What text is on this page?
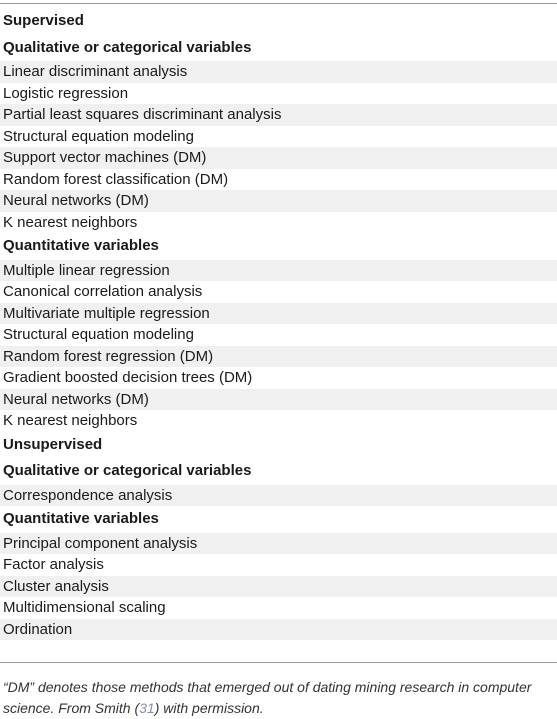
Supervised
Qualitative or categorical variables
Linear discriminant analysis
Logistic regression
Partial least squares discriminant analysis
Structural equation modeling
Support vector machines (DM)
Random forest classification (DM)
Neural networks (DM)
K nearest neighbors
Quantitative variables
Multiple linear regression
Canonical correlation analysis
Multivariate multiple regression
Structural equation modeling
Random forest regression (DM)
Gradient boosted decision trees (DM)
Neural networks (DM)
K nearest neighbors
Unsupervised
Qualitative or categorical variables
Correspondence analysis
Quantitative variables
Principal component analysis
Factor analysis
Cluster analysis
Multidimensional scaling
Ordination
“DM” denotes those methods that emerged out of dating mining research in computer science. From Smith (31) with permission.
